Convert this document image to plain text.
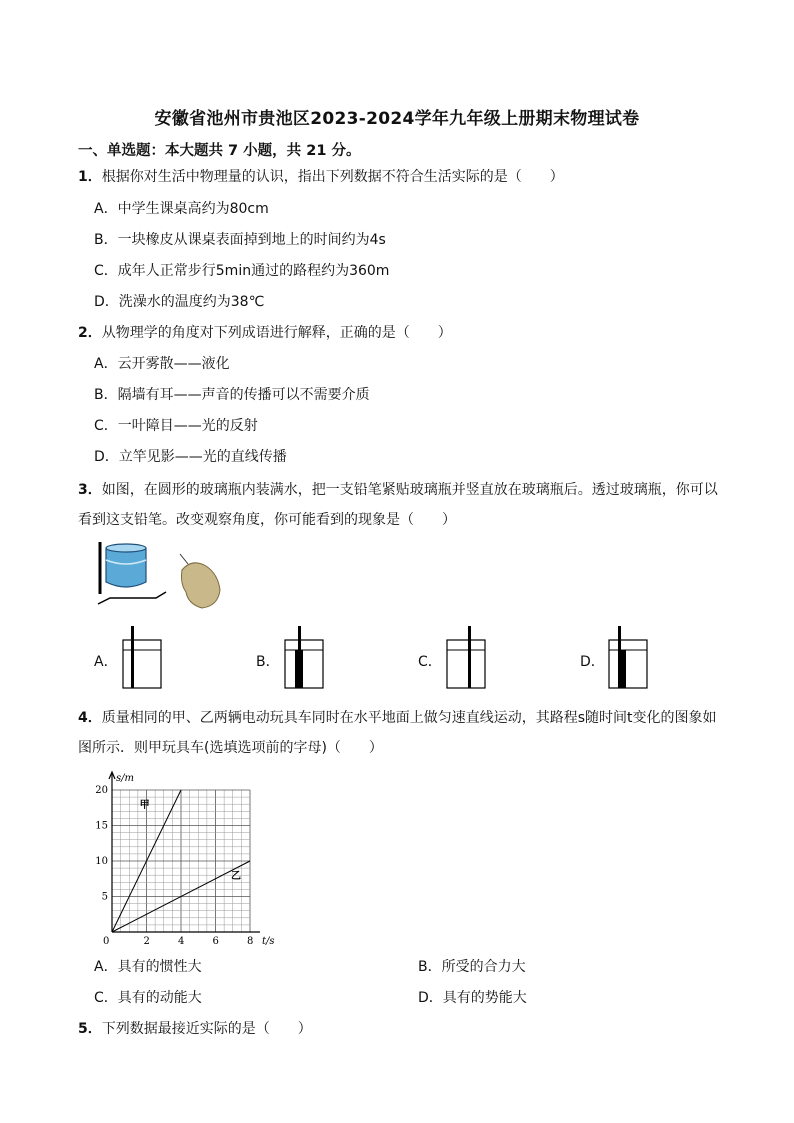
安徽省池州市贵池区2023-2024学年九年级上册期末物理试卷
一、单选题：本大题共 7 小题，共 21 分。
1．根据你对生活中物理量的认识，指出下列数据不符合生活实际的是（　　）
A．中学生课桌高约为80cm
B．一块橡皮从课桌表面掉到地上的时间约为4s
C．成年人正常步行5min通过的路程约为360m
D．洗澡水的温度约为38℃
2．从物理学的角度对下列成语进行解释，正确的是（　　）
A．云开雾散——液化
B．隔墙有耳——声音的传播可以不需要介质
C．一叶障目——光的反射
D．立竿见影——光的直线传播
3．如图，在圆形的玻璃瓶内装满水，把一支铅笔紧贴玻璃瓶并竖直放在玻璃瓶后。透过玻璃瓶，你可以
看到这支铅笔。改变观察角度，你可能看到的现象是（　　）
A．	B．	C．	D．
4．质量相同的甲、乙两辆电动玩具车同时在水平地面上做匀速直线运动，其路程s随时间t变化的图象如
图所示．则甲玩具车(选填选项前的字母)（　　）
甲
乙
0	2	4	6	8
5
10
15
20
s/m
t/s
A．具有的惯性大	B．所受的合力大
C．具有的动能大	D．具有的势能大
5．下列数据最接近实际的是（　　）
